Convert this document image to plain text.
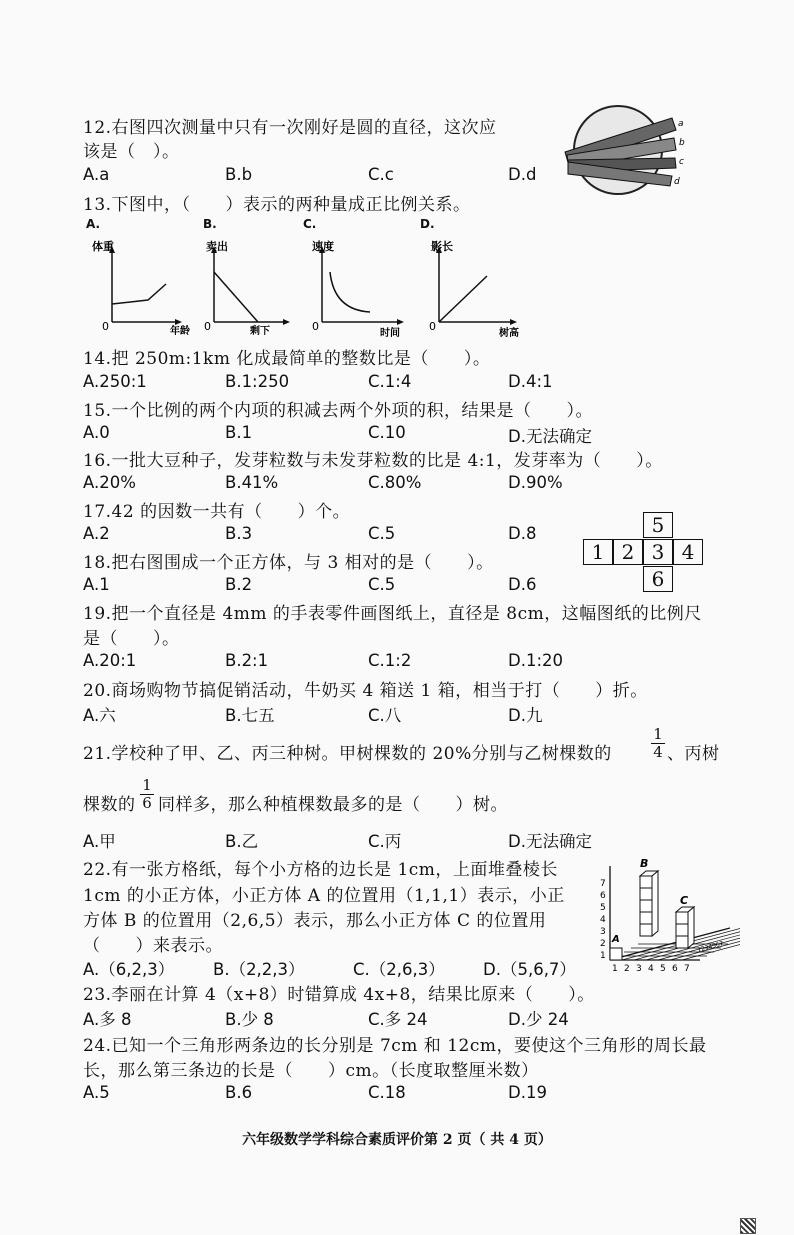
12.右图四次测量中只有一次刚好是圆的直径，这次应
该是（　）。
A.a	B.b	C.c	D.d
a
b
c
d
13.下图中，（　　）表示的两种量成正比例关系。
A.	B.	C.	D.
体重
年龄
0
卖出
剩下
0
速度
时间
0
影长
树高
0
14.把 250m:1km 化成最简单的整数比是（　　）。
A.250:1	B.1:250	C.1:4	D.4:1
15.一个比例的两个内项的积减去两个外项的积，结果是（　　）。
A.0	B.1	C.10	D.无法确定
16.一批大豆种子，发芽粒数与未发芽粒数的比是 4:1，发芽率为（　　）。
A.20%	B.41%	C.80%	D.90%
17.42 的因数一共有（　　）个。
A.2	B.3	C.5	D.8
18.把右图围成一个正方体，与 3 相对的是（　　）。
A.1	B.2	C.5	D.6
5
1 2 3 4
6
19.把一个直径是 4mm 的手表零件画图纸上，直径是 8cm，这幅图纸的比例尺
是（　　）。
A.20:1	B.2:1	C.1:2	D.1:20
20.商场购物节搞促销活动，牛奶买 4 箱送 1 箱，相当于打（　　）折。
A.六	B.七五	C.八	D.九
21.学校种了甲、乙、丙三种树。甲树棵数的 20%分别与乙树棵数的	$\frac{1}{4}$ 、丙树
棵数的 $\frac{1}{6}$ 同样多，那么种植棵数最多的是（　　）树。
A.甲	B.乙	C.丙	D.无法确定
22.有一张方格纸，每个小方格的边长是 1cm，上面堆叠棱长
1cm 的小正方体，小正方体 A 的位置用（1,1,1）表示，小正
方体 B 的位置用（2,6,5）表示，那么小正方体 C 的位置用
（　　）来表示。
A.（6,2,3） B.（2,2,3）	C.（2,6,3） D.（5,6,7）
B
C
A
1
2
3
4
5
6
7
1 2 3 4 5 6 7
1234567
23.李丽在计算 4（x+8）时错算成 4x+8，结果比原来（　　）。
A.多 8	B.少 8	C.多 24	D.少 24
24.已知一个三角形两条边的长分别是 7cm 和 12cm，要使这个三角形的周长最
长，那么第三条边的长是（　　）cm。（长度取整厘米数）
A.5	B.6	C.18	D.19
六年级数学学科综合素质评价第 2 页（ 共 4 页）
